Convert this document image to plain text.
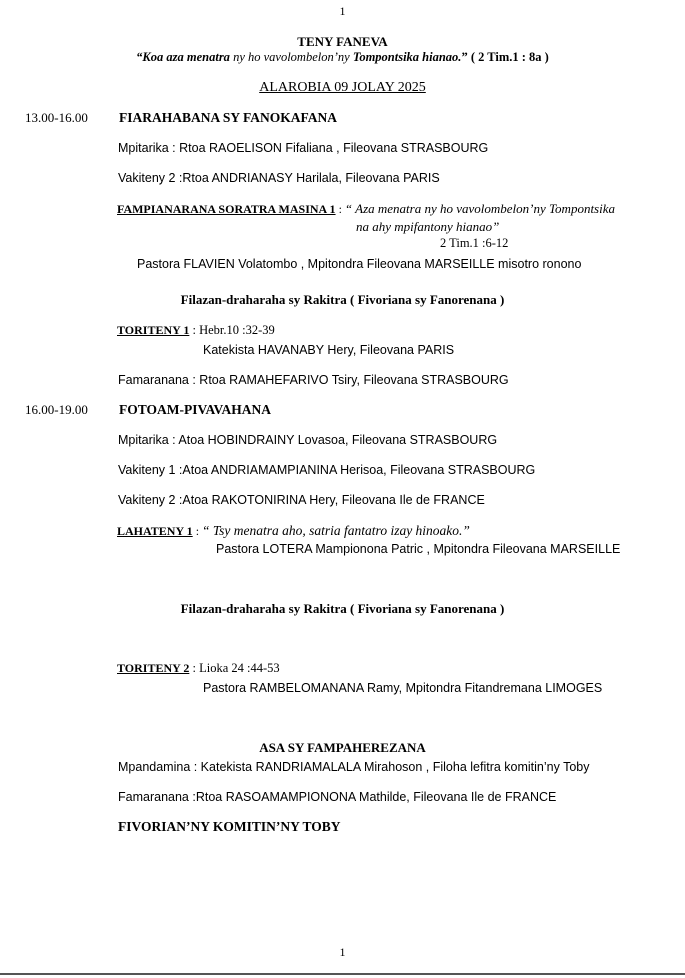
1
TENY FANEVA
“Koa aza menatra ny ho vavolombelon’ny Tompontsika hianao.” ( 2 Tim.1 : 8a )
ALAROBIA 09 JOLAY 2025
13.00-16.00 FIARAHABANA SY FANOKAFANA
Mpitarika : Rtoa RAOELISON Fifaliana , Fileovana STRASBOURG
Vakiteny 2 :Rtoa ANDRIANASY Harilala, Fileovana PARIS
FAMPIANARANA SORATRA MASINA 1 : “ Aza menatra ny ho vavolombelon’ny Tompontsika
na ahy mpifantony hianao”
2 Tim.1 :6-12
Pastora FLAVIEN Volatombo , Mpitondra Fileovana MARSEILLE misotro ronono
Filazan-draharaha sy Rakitra ( Fivoriana sy Fanorenana )
TORITENY 1 : Hebr.10 :32-39
Katekista HAVANABY Hery, Fileovana PARIS
Famaranana : Rtoa RAMAHEFARIVO Tsiry, Fileovana STRASBOURG
16.00-19.00 FOTOAM-PIVAVAHANA
Mpitarika : Atoa HOBINDRAINY Lovasoa, Fileovana STRASBOURG
Vakiteny 1 :Atoa ANDRIAMAMPIANINA Herisoa, Fileovana STRASBOURG
Vakiteny 2 :Atoa RAKOTONIRINA Hery, Fileovana Ile de FRANCE
LAHATENY 1 : “ Tsy menatra aho, satria fantatro izay hinoako.”
Pastora LOTERA Mampionona Patric , Mpitondra Fileovana MARSEILLE
Filazan-draharaha sy Rakitra ( Fivoriana sy Fanorenana )
TORITENY 2 : Lioka 24 :44-53
Pastora RAMBELOMANANA Ramy, Mpitondra Fitandremana LIMOGES
ASA SY FAMPAHEREZANA
Mpandamina : Katekista RANDRIAMALALA Mirahoson , Filoha lefitra komitin’ny Toby
Famaranana :Rtoa RASOAMAMPIONONA Mathilde, Fileovana Ile de FRANCE
FIVORIAN’NY KOMITIN’NY TOBY
1
